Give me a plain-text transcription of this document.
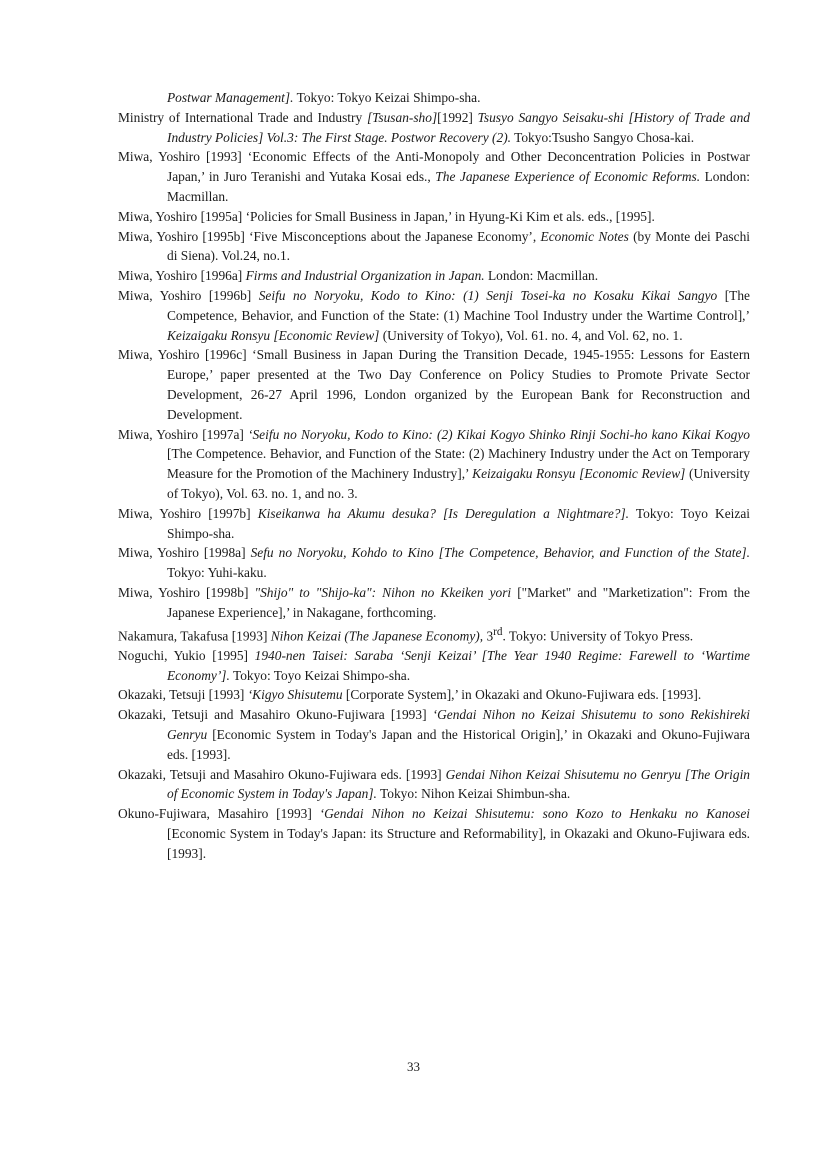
Postwar Management]. Tokyo: Tokyo Keizai Shimpo-sha.

Ministry of International Trade and Industry [Tsusan-sho][1992] Tsusyo Sangyo Seisaku-shi [History of Trade and Industry Policies] Vol.3: The First Stage. Postwor Recovery (2). Tokyo:Tsusho Sangyo Chosa-kai.

Miwa, Yoshiro [1993] ‘Economic Effects of the Anti-Monopoly and Other Deconcentration Policies in Postwar Japan,’ in Juro Teranishi and Yutaka Kosai eds., The Japanese Experience of Economic Reforms. London: Macmillan.

Miwa, Yoshiro [1995a] ‘Policies for Small Business in Japan,’ in Hyung-Ki Kim et als. eds., [1995].

Miwa, Yoshiro [1995b] ‘Five Misconceptions about the Japanese Economy’, Economic Notes (by Monte dei Paschi di Siena). Vol.24, no.1.

Miwa, Yoshiro [1996a] Firms and Industrial Organization in Japan. London: Macmillan.

Miwa, Yoshiro [1996b] Seifu no Noryoku, Kodo to Kino: (1) Senji Tosei-ka no Kosaku Kikai Sangyo [The Competence, Behavior, and Function of the State: (1) Machine Tool Industry under the Wartime Control],’ Keizaigaku Ronsyu [Economic Review] (University of Tokyo), Vol. 61. no. 4, and Vol. 62, no. 1.

Miwa, Yoshiro [1996c] ‘Small Business in Japan During the Transition Decade, 1945-1955: Lessons for Eastern Europe,’ paper presented at the Two Day Conference on Policy Studies to Promote Private Sector Development, 26-27 April 1996, London organized by the European Bank for Reconstruction and Development.

Miwa, Yoshiro [1997a] ‘Seifu no Noryoku, Kodo to Kino: (2) Kikai Kogyo Shinko Rinji Sochi-ho kano Kikai Kogyo [The Competence. Behavior, and Function of the State: (2) Machinery Industry under the Act on Temporary Measure for the Promotion of the Machinery Industry],’ Keizaigaku Ronsyu [Economic Review] (University of Tokyo), Vol. 63. no. 1, and no. 3.

Miwa, Yoshiro [1997b] Kiseikanwa ha Akumu desuka? [Is Deregulation a Nightmare?]. Tokyo: Toyo Keizai Shimpo-sha.

Miwa, Yoshiro [1998a] Sefu no Noryoku, Kohdo to Kino [The Competence, Behavior, and Function of the State]. Tokyo: Yuhi-kaku.

Miwa, Yoshiro [1998b] "Shijo" to "Shijo-ka": Nihon no Kkeiken yori ["Market" and "Marketization": From the Japanese Experience],’ in Nakagane, forthcoming.

Nakamura, Takafusa [1993] Nihon Keizai (The Japanese Economy), 3rd. Tokyo: University of Tokyo Press.

Noguchi, Yukio [1995] 1940-nen Taisei: Saraba ‘Senji Keizai’ [The Year 1940 Regime: Farewell to ‘Wartime Economy’]. Tokyo: Toyo Keizai Shimpo-sha.

Okazaki, Tetsuji [1993] ‘Kigyo Shisutemu [Corporate System],’ in Okazaki and Okuno-Fujiwara eds. [1993].

Okazaki, Tetsuji and Masahiro Okuno-Fujiwara [1993] ‘Gendai Nihon no Keizai Shisutemu to sono Rekishireki Genryu [Economic System in Today's Japan and the Historical Origin],’ in Okazaki and Okuno-Fujiwara eds. [1993].

Okazaki, Tetsuji and Masahiro Okuno-Fujiwara eds. [1993] Gendai Nihon Keizai Shisutemu no Genryu [The Origin of Economic System in Today's Japan]. Tokyo: Nihon Keizai Shimbun-sha.

Okuno-Fujiwara, Masahiro [1993] ‘Gendai Nihon no Keizai Shisutemu: sono Kozo to Henkaku no Kanosei [Economic System in Today's Japan: its Structure and Reformability], in Okazaki and Okuno-Fujiwara eds. [1993].

33
